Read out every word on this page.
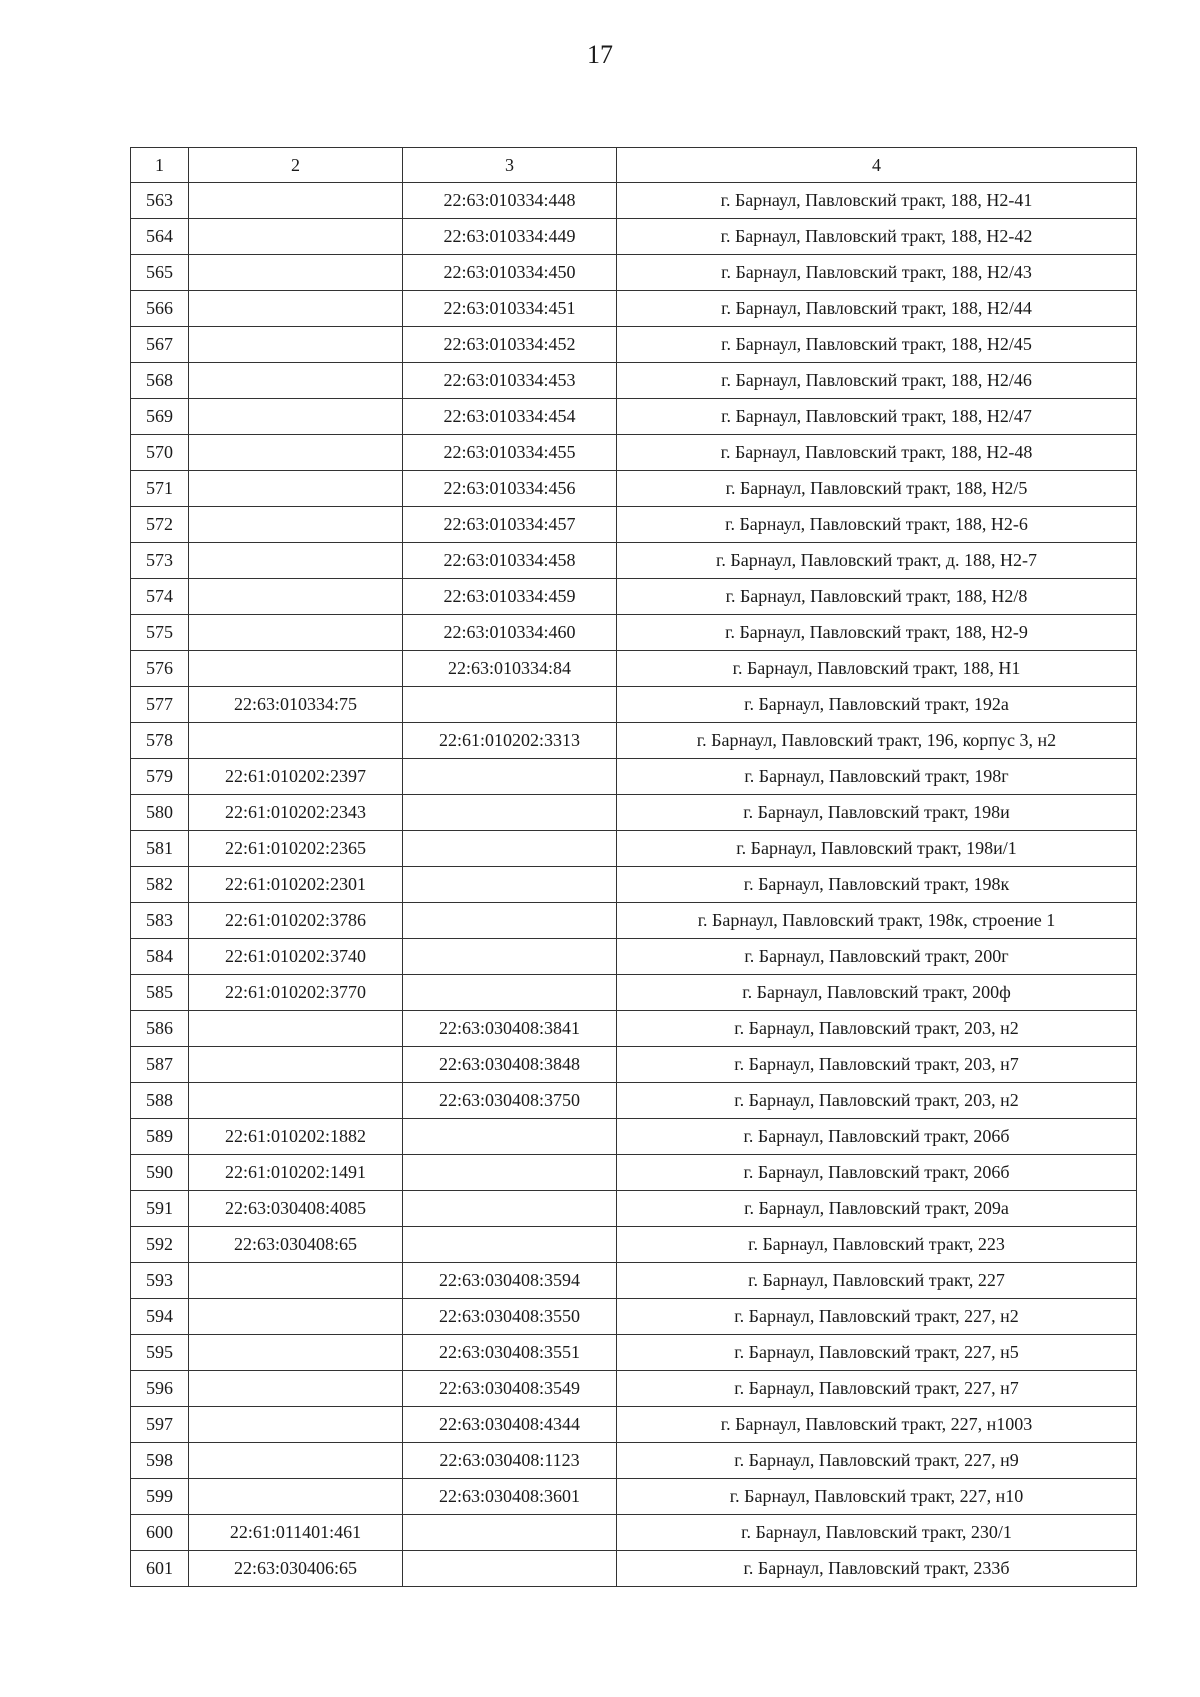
17
1	2	3	4
563		22:63:010334:448	г. Барнаул, Павловский тракт, 188, Н2-41
564		22:63:010334:449	г. Барнаул, Павловский тракт, 188, Н2-42
565		22:63:010334:450	г. Барнаул, Павловский тракт, 188, Н2/43
566		22:63:010334:451	г. Барнаул, Павловский тракт, 188, Н2/44
567		22:63:010334:452	г. Барнаул, Павловский тракт, 188, Н2/45
568		22:63:010334:453	г. Барнаул, Павловский тракт, 188, Н2/46
569		22:63:010334:454	г. Барнаул, Павловский тракт, 188, Н2/47
570		22:63:010334:455	г. Барнаул, Павловский тракт, 188, Н2-48
571		22:63:010334:456	г. Барнаул, Павловский тракт, 188, Н2/5
572		22:63:010334:457	г. Барнаул, Павловский тракт, 188, Н2-6
573		22:63:010334:458	г. Барнаул, Павловский тракт, д. 188, Н2-7
574		22:63:010334:459	г. Барнаул, Павловский тракт, 188, Н2/8
575		22:63:010334:460	г. Барнаул, Павловский тракт, 188, Н2-9
576		22:63:010334:84	г. Барнаул, Павловский тракт, 188, Н1
577	22:63:010334:75		г. Барнаул, Павловский тракт, 192а
578		22:61:010202:3313	г. Барнаул, Павловский тракт, 196, корпус 3, н2
579	22:61:010202:2397		г. Барнаул, Павловский тракт, 198г
580	22:61:010202:2343		г. Барнаул, Павловский тракт, 198и
581	22:61:010202:2365		г. Барнаул, Павловский тракт, 198и/1
582	22:61:010202:2301		г. Барнаул, Павловский тракт, 198к
583	22:61:010202:3786		г. Барнаул, Павловский тракт, 198к, строение 1
584	22:61:010202:3740		г. Барнаул, Павловский тракт, 200г
585	22:61:010202:3770		г. Барнаул, Павловский тракт, 200ф
586		22:63:030408:3841	г. Барнаул, Павловский тракт, 203, н2
587		22:63:030408:3848	г. Барнаул, Павловский тракт, 203, н7
588		22:63:030408:3750	г. Барнаул, Павловский тракт, 203, н2
589	22:61:010202:1882		г. Барнаул, Павловский тракт, 206б
590	22:61:010202:1491		г. Барнаул, Павловский тракт, 206б
591	22:63:030408:4085		г. Барнаул, Павловский тракт, 209а
592	22:63:030408:65		г. Барнаул, Павловский тракт, 223
593		22:63:030408:3594	г. Барнаул, Павловский тракт, 227
594		22:63:030408:3550	г. Барнаул, Павловский тракт, 227, н2
595		22:63:030408:3551	г. Барнаул, Павловский тракт, 227, н5
596		22:63:030408:3549	г. Барнаул, Павловский тракт, 227, н7
597		22:63:030408:4344	г. Барнаул, Павловский тракт, 227, н1003
598		22:63:030408:1123	г. Барнаул, Павловский тракт, 227, н9
599		22:63:030408:3601	г. Барнаул, Павловский тракт, 227, н10
600	22:61:011401:461		г. Барнаул, Павловский тракт, 230/1
601	22:63:030406:65		г. Барнаул, Павловский тракт, 233б
